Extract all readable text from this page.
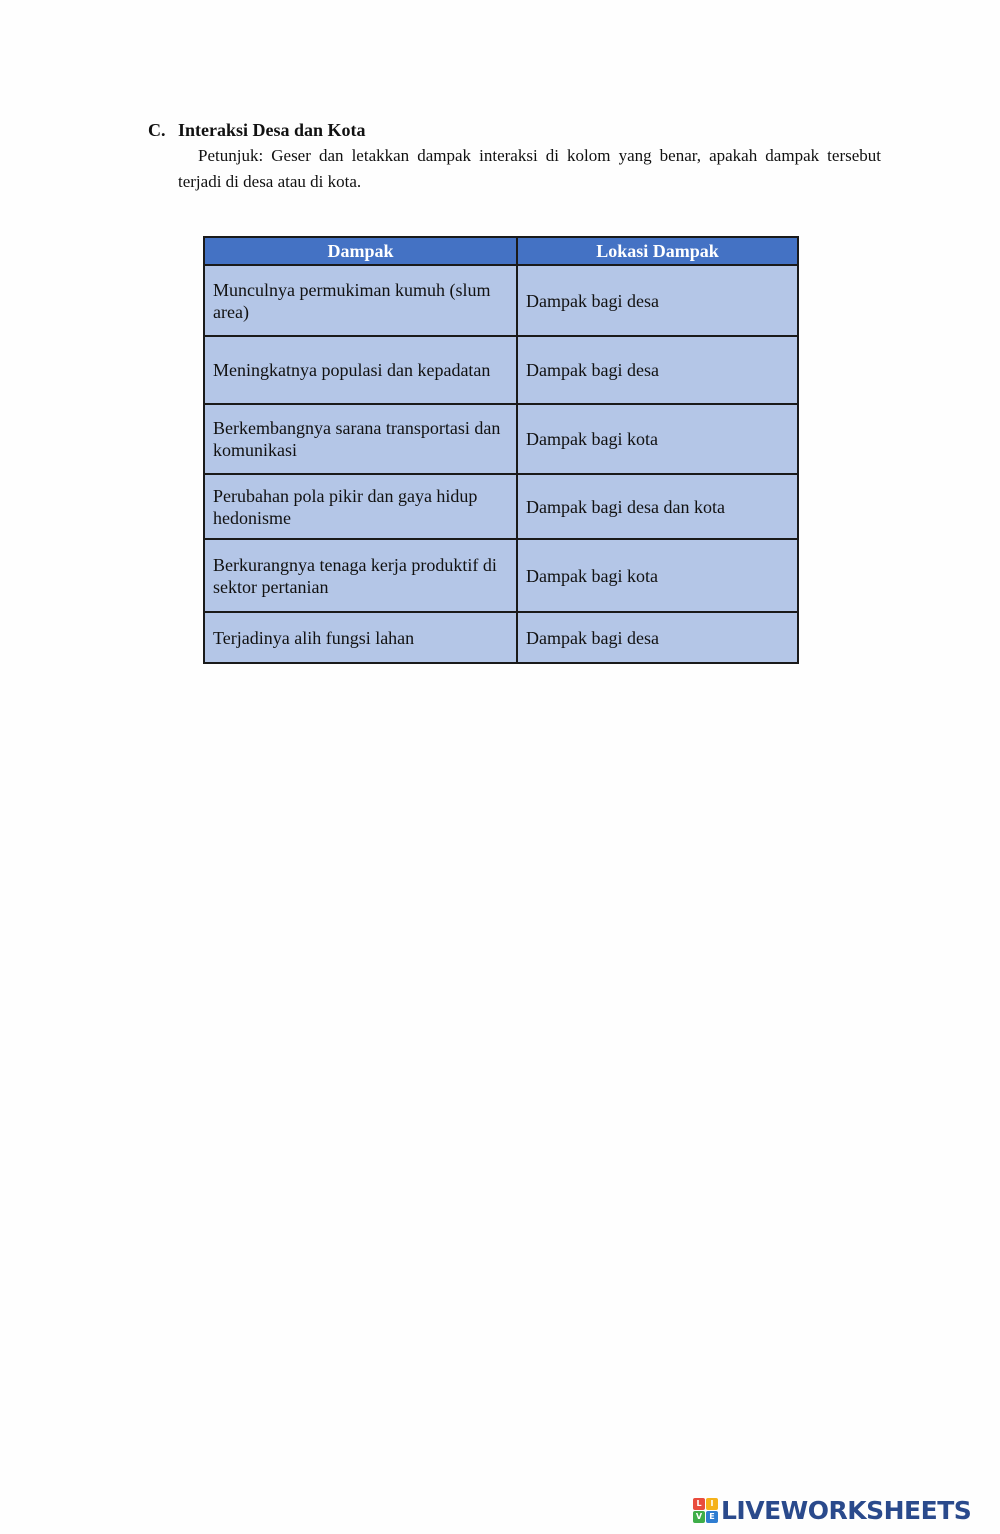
C. Interaksi Desa dan Kota
Petunjuk: Geser dan letakkan dampak interaksi di kolom yang benar, apakah dampak tersebut terjadi di desa atau di kota.
Dampak	Lokasi Dampak
Munculnya permukiman kumuh (slum area)	Dampak bagi desa
Meningkatnya populasi dan kepadatan	Dampak bagi desa
Berkembangnya sarana transportasi dan komunikasi	Dampak bagi kota
Perubahan pola pikir dan gaya hidup hedonisme	Dampak bagi desa dan kota
Berkurangnya tenaga kerja produktif di sektor pertanian	Dampak bagi kota
Terjadinya alih fungsi lahan	Dampak bagi desa
L	I
V E LIVEWORKSHEETS
